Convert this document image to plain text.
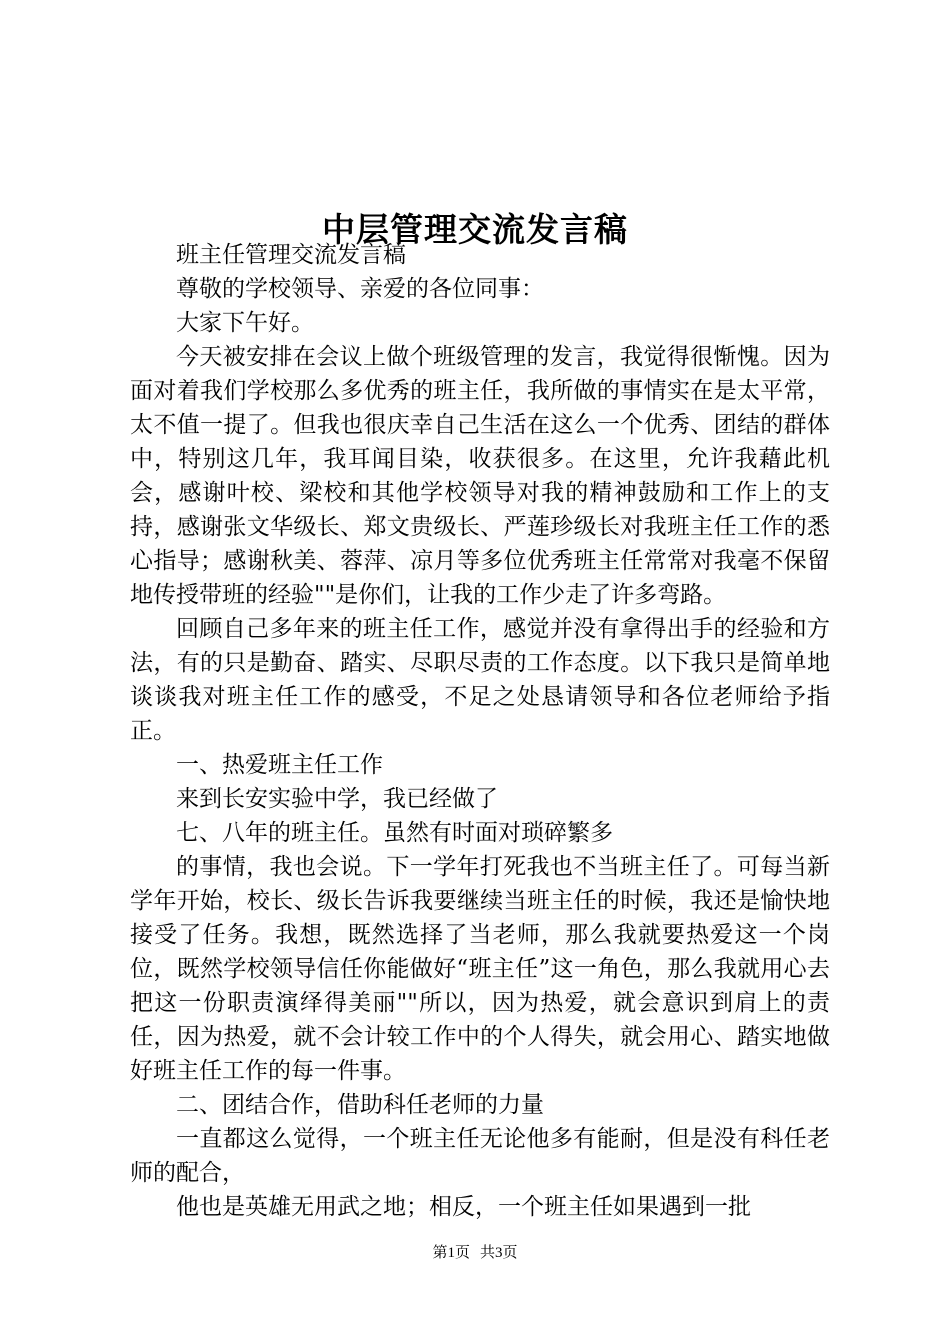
中层管理交流发言稿

班主任管理交流发言稿

尊敬的学校领导、亲爱的各位同事：

大家下午好。

今天被安排在会议上做个班级管理的发言，我觉得很惭愧。因为面对着我们学校那么多优秀的班主任，我所做的事情实在是太平常，太不值一提了。但我也很庆幸自己生活在这么一个优秀、团结的群体中，特别这几年，我耳闻目染，收获很多。在这里，允许我藉此机会，感谢叶校、梁校和其他学校领导对我的精神鼓励和工作上的支持，感谢张文华级长、郑文贵级长、严莲珍级长对我班主任工作的悉心指导；感谢秋美、蓉萍、凉月等多位优秀班主任常常对我毫不保留地传授带班的经验""是你们，让我的工作少走了许多弯路。

回顾自己多年来的班主任工作，感觉并没有拿得出手的经验和方法，有的只是勤奋、踏实、尽职尽责的工作态度。以下我只是简单地谈谈我对班主任工作的感受，不足之处恳请领导和各位老师给予指正。

一、热爱班主任工作

来到长安实验中学，我已经做了

七、八年的班主任。虽然有时面对琐碎繁多

的事情，我也会说。下一学年打死我也不当班主任了。可每当新学年开始，校长、级长告诉我要继续当班主任的时候，我还是愉快地接受了任务。我想，既然选择了当老师，那么我就要热爱这一个岗位，既然学校领导信任你能做好“班主任”这一角色，那么我就用心去把这一份职责演绎得美丽""所以，因为热爱，就会意识到肩上的责任，因为热爱，就不会计较工作中的个人得失，就会用心、踏实地做好班主任工作的每一件事。

二、团结合作，借助科任老师的力量

一直都这么觉得，一个班主任无论他多有能耐，但是没有科任老师的配合，

他也是英雄无用武之地；相反，一个班主任如果遇到一批

第1页 共3页
